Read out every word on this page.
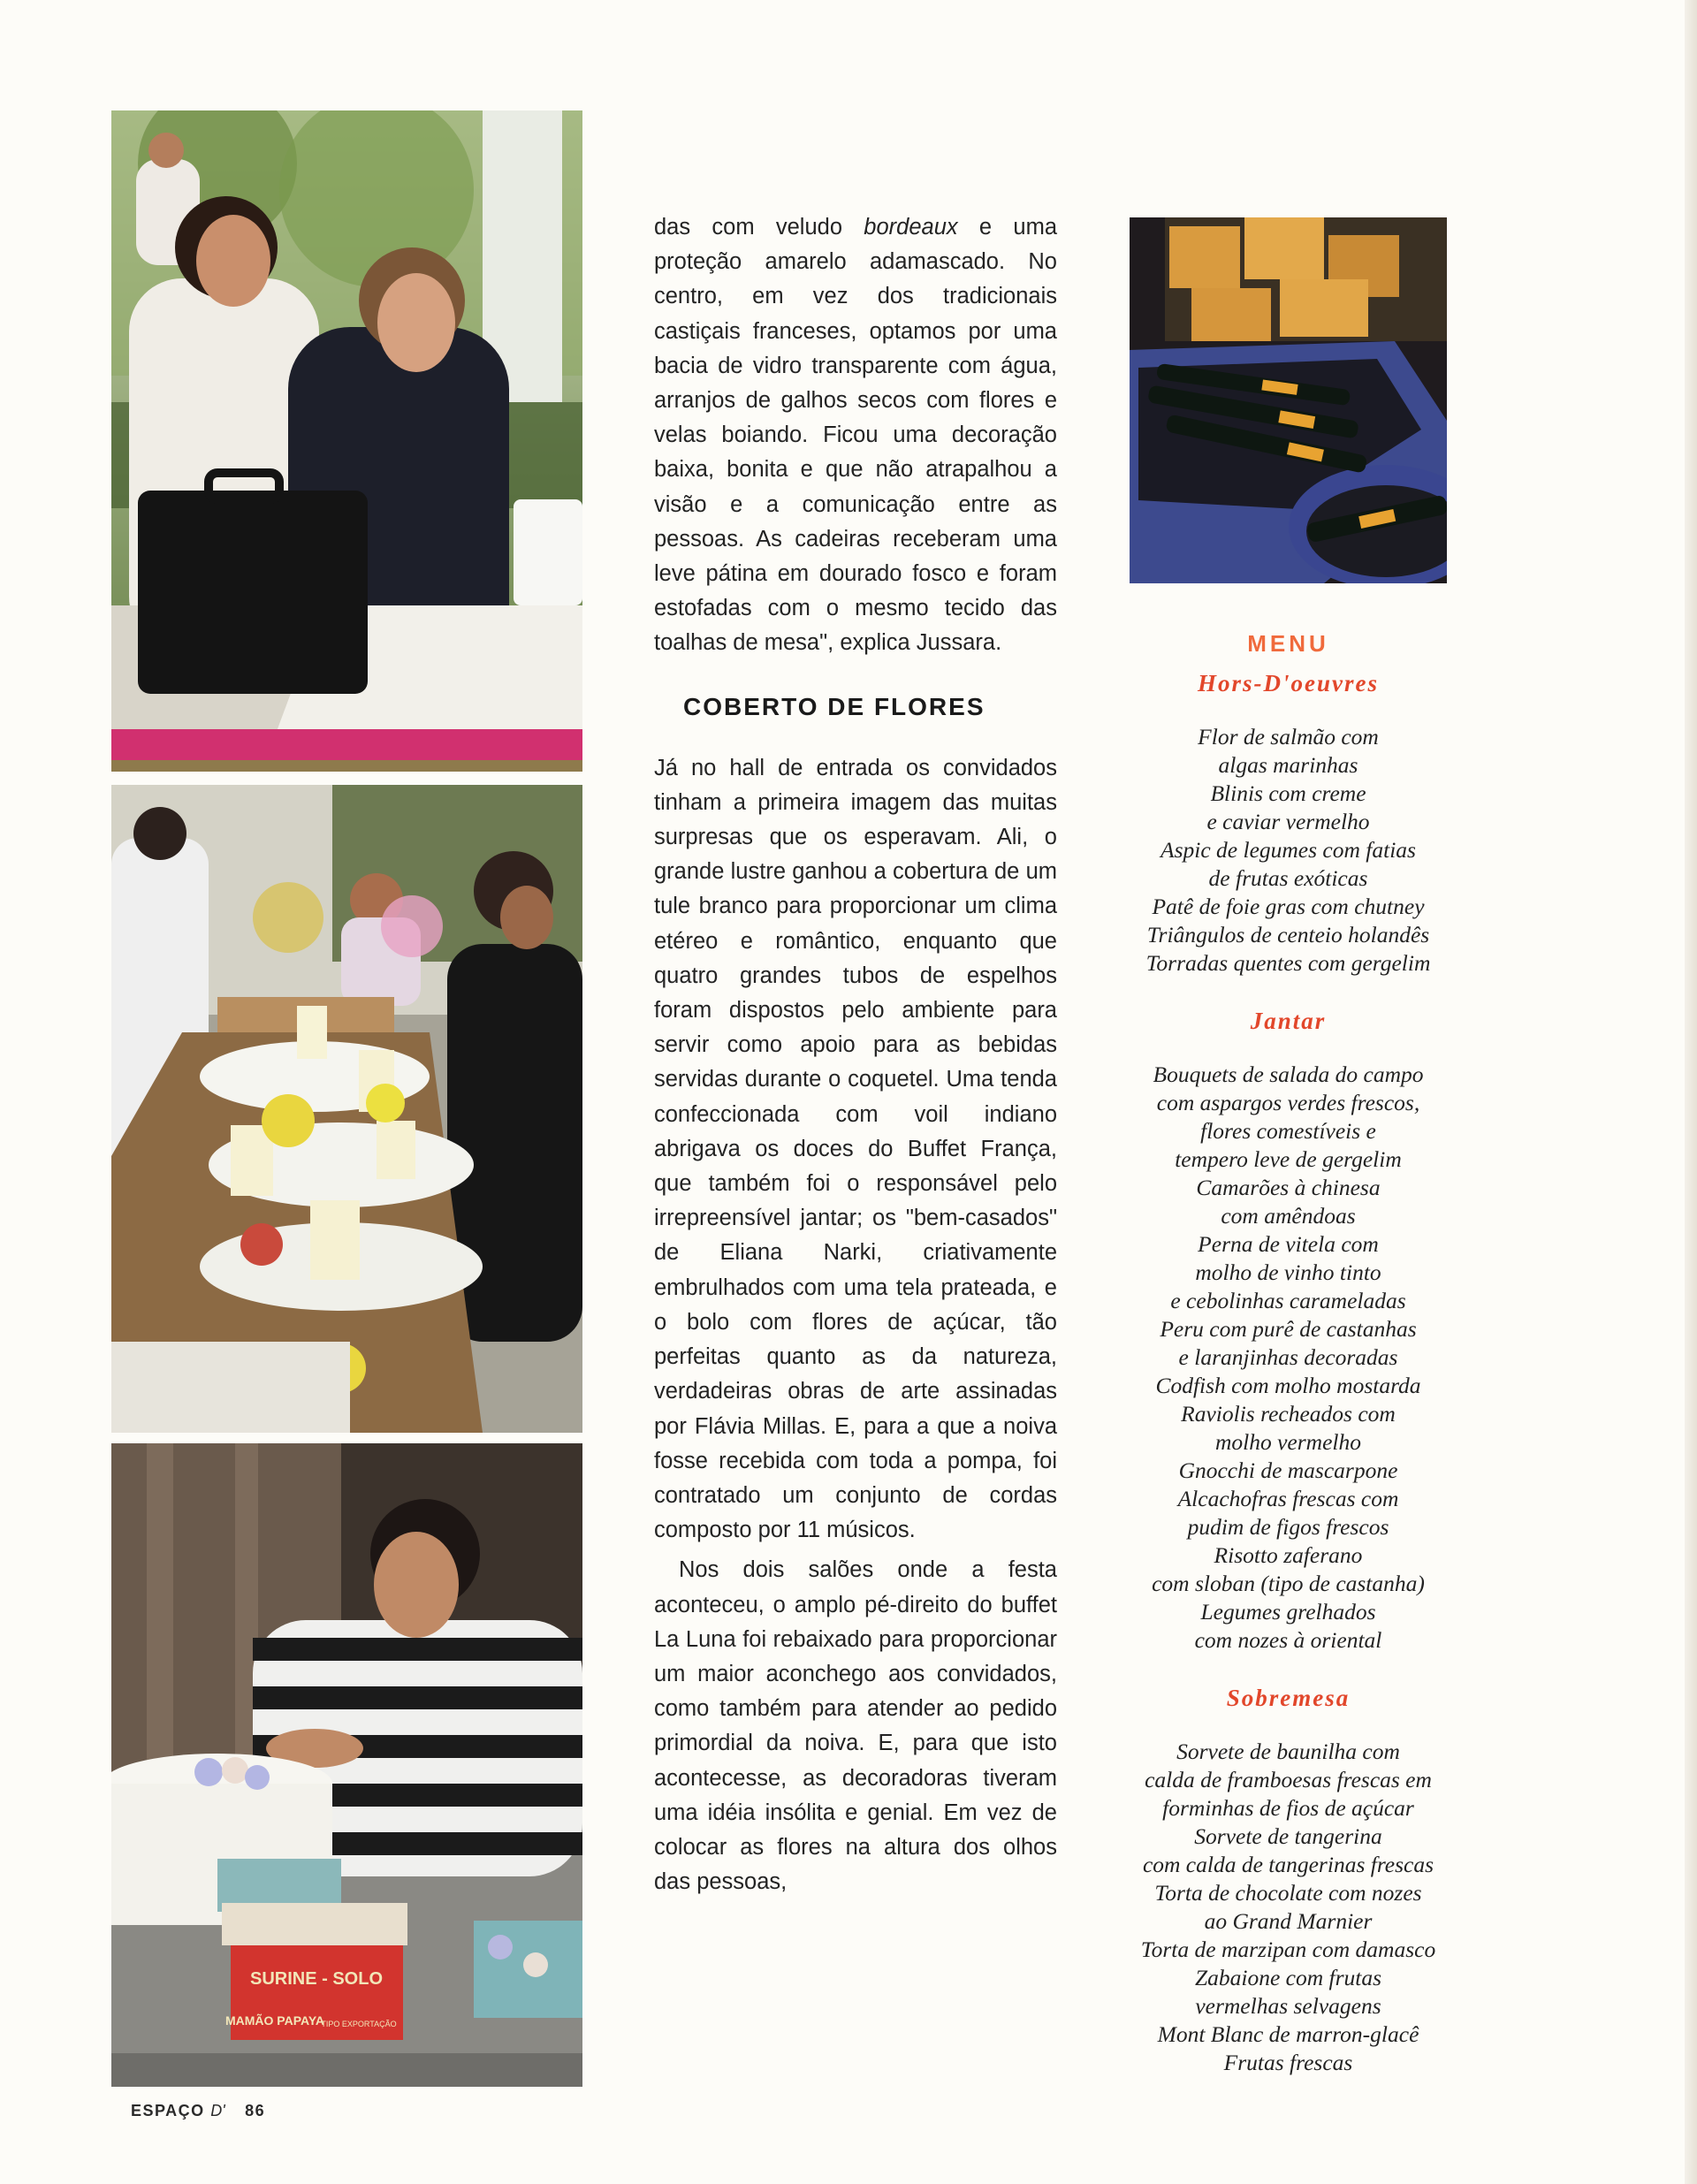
SURINE - SOLO
MAMÃO PAPAYA
TIPO EXPORTAÇÃO

das com veludo bordeaux e uma proteção amarelo adamascado. No centro, em vez dos tradicionais castiçais franceses, optamos por uma bacia de vidro transparente com água, arranjos de galhos secos com flores e velas boiando. Ficou uma decoração baixa, bonita e que não atrapalhou a visão e a comunicação entre as pessoas. As cadeiras receberam uma leve pátina em dourado fosco e foram estofadas com o mesmo tecido das toalhas de mesa", explica Jussara.

COBERTO DE FLORES

Já no hall de entrada os convidados tinham a primeira imagem das muitas surpresas que os esperavam. Ali, o grande lustre ganhou a cobertura de um tule branco para proporcionar um clima etéreo e romântico, enquanto que quatro grandes tubos de espelhos foram dispostos pelo ambiente para servir como apoio para as bebidas servidas durante o coquetel. Uma tenda confeccionada com voil indiano abrigava os doces do Buffet França, que também foi o responsável pelo irrepreensível jantar; os "bem-casados" de Eliana Narki, criativamente embrulhados com uma tela prateada, e o bolo com flores de açúcar, tão perfeitas quanto as da natureza, verdadeiras obras de arte assinadas por Flávia Millas. E, para a que a noiva fosse recebida com toda a pompa, foi contratado um conjunto de cordas composto por 11 músicos.

Nos dois salões onde a festa aconteceu, o amplo pé-direito do buffet La Luna foi rebaixado para proporcionar um maior aconchego aos convidados, como também para atender ao pedido primordial da noiva. E, para que isto acontecesse, as decoradoras tiveram uma idéia insólita e genial. Em vez de colocar as flores na altura dos olhos das pessoas,

MENU
Hors-D'oeuvres
Flor de salmão com
algas marinhas
Blinis com creme
e caviar vermelho
Aspic de legumes com fatias
de frutas exóticas
Patê de foie gras com chutney
Triângulos de centeio holandês
Torradas quentes com gergelim
Jantar
Bouquets de salada do campo
com aspargos verdes frescos,
flores comestíveis e
tempero leve de gergelim
Camarões à chinesa
com amêndoas
Perna de vitela com
molho de vinho tinto
e cebolinhas carameladas
Peru com purê de castanhas
e laranjinhas decoradas
Codfish com molho mostarda
Raviolis recheados com
molho vermelho
Gnocchi de mascarpone
Alcachofras frescas com
pudim de figos frescos
Risotto zaferano
com sloban (tipo de castanha)
Legumes grelhados
com nozes à oriental
Sobremesa
Sorvete de baunilha com
calda de framboesas frescas em
forminhas de fios de açúcar
Sorvete de tangerina
com calda de tangerinas frescas
Torta de chocolate com nozes
ao Grand Marnier
Torta de marzipan com damasco
Zabaione com frutas
vermelhas selvagens
Mont Blanc de marron-glacê
Frutas frescas
ESPAÇO D' 86
